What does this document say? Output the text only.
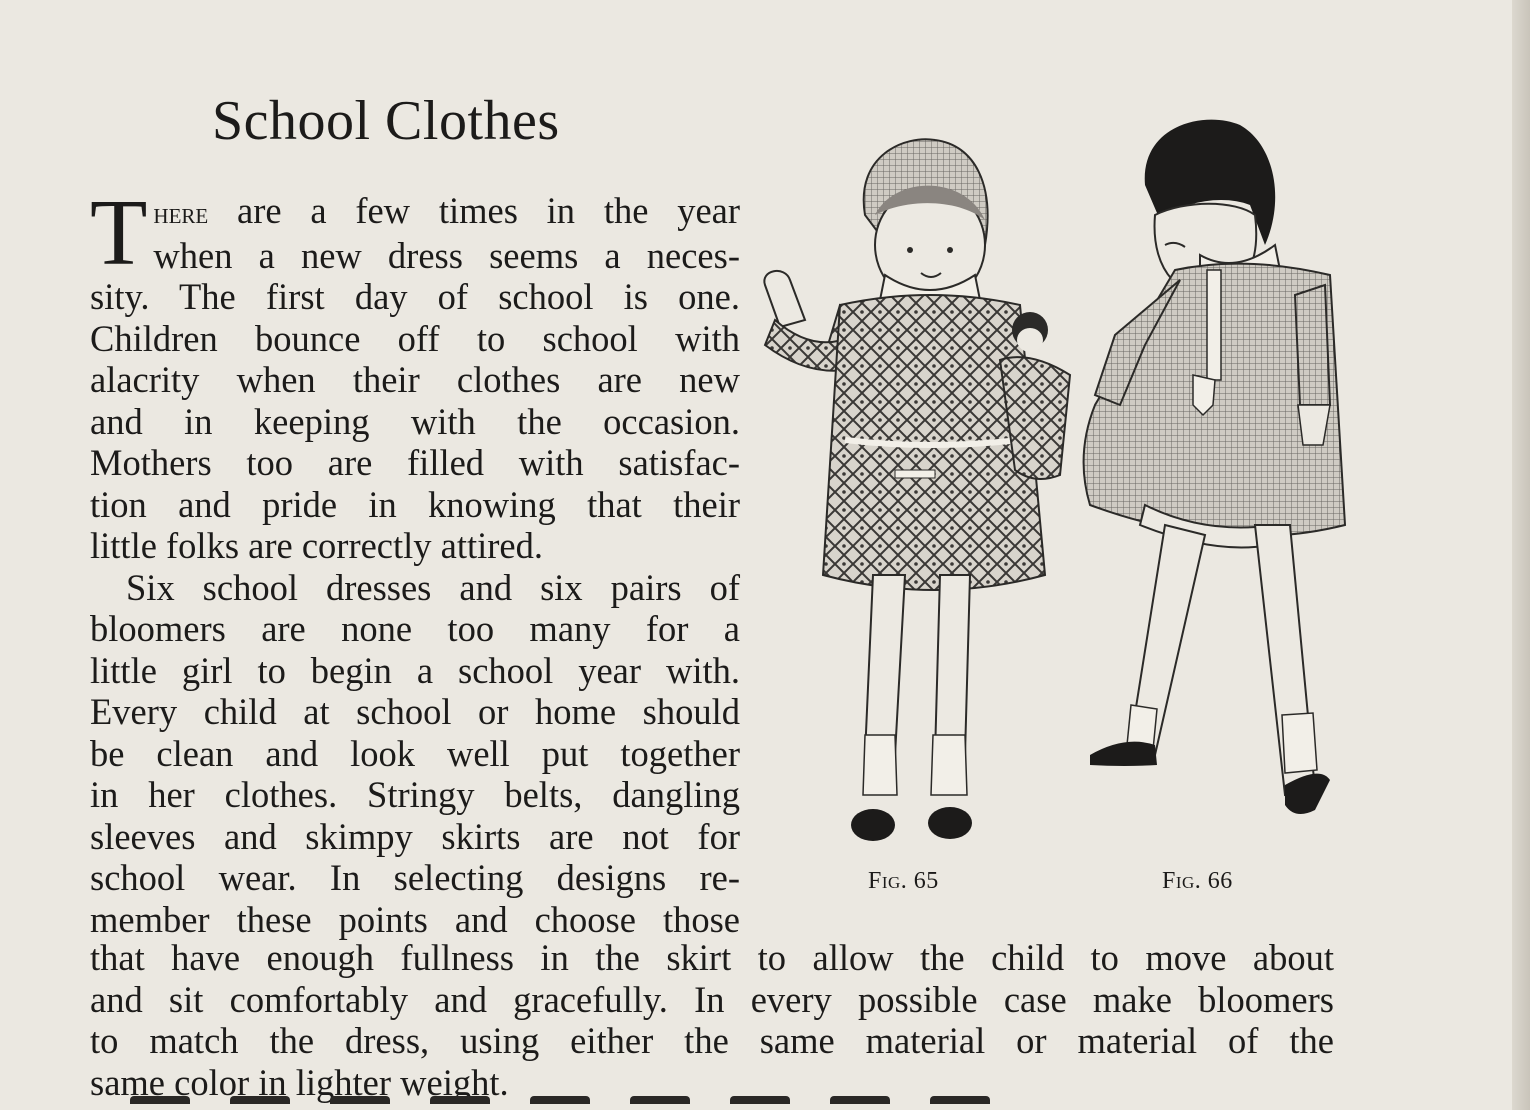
School Clothes

T here are a few times in the year
when a new dress seems a neces-
sity. The first day of school is one.
Children bounce off to school with
alacrity when their clothes are new
and in keeping with the occasion.
Mothers too are filled with satisfac-
tion and pride in knowing that their
little folks are correctly attired.

Six school dresses and six pairs of
bloomers are none too many for a
little girl to begin a school year with.
Every child at school or home should
be clean and look well put together
in her clothes. Stringy belts, dangling
sleeves and skimpy skirts are not for
school wear. In selecting designs re-
member these points and choose those

Fig. 65	Fig. 66
that have enough fullness in the skirt to allow the child to move about
and sit comfortably and gracefully. In every possible case make bloomers
to match the dress, using either the same material or material of the
same color in lighter weight.
